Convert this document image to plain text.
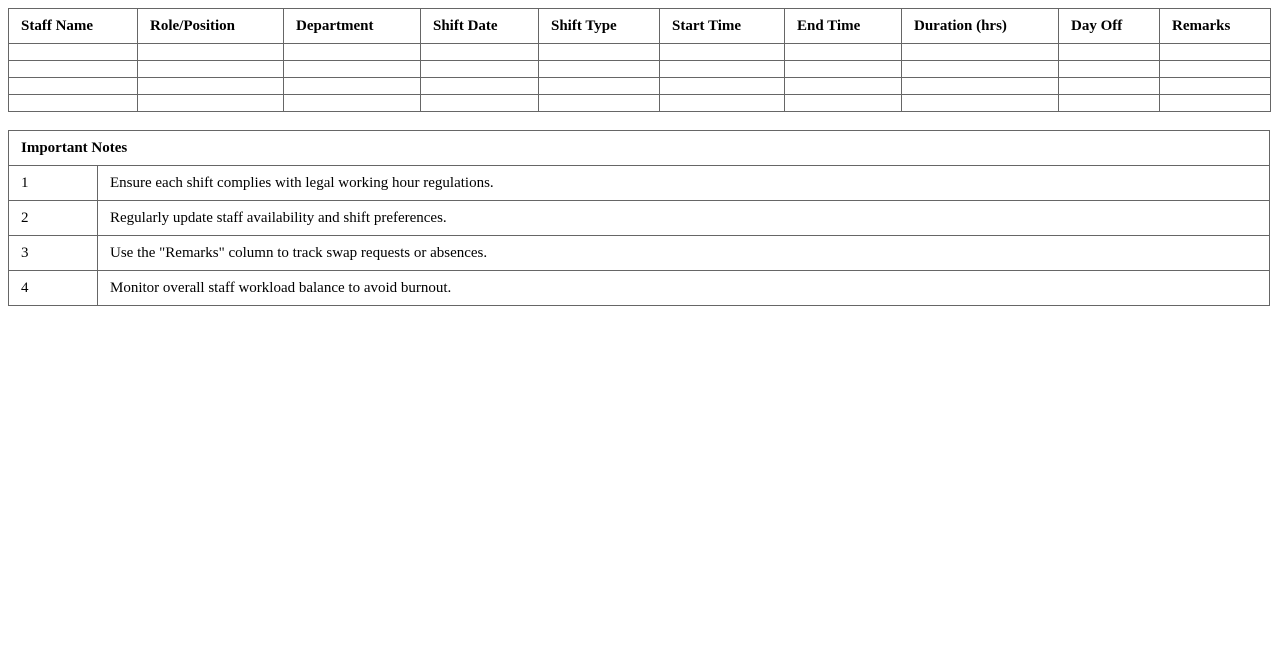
Staff Name	Role/Position	Department	Shift Date	Shift Type	Start Time	End Time	Duration (hrs)	Day Off	Remarks

Important Notes	
1	Ensure each shift complies with legal working hour regulations.
2	Regularly update staff availability and shift preferences.
3	Use the "Remarks" column to track swap requests or absences.
4	Monitor overall staff workload balance to avoid burnout.
